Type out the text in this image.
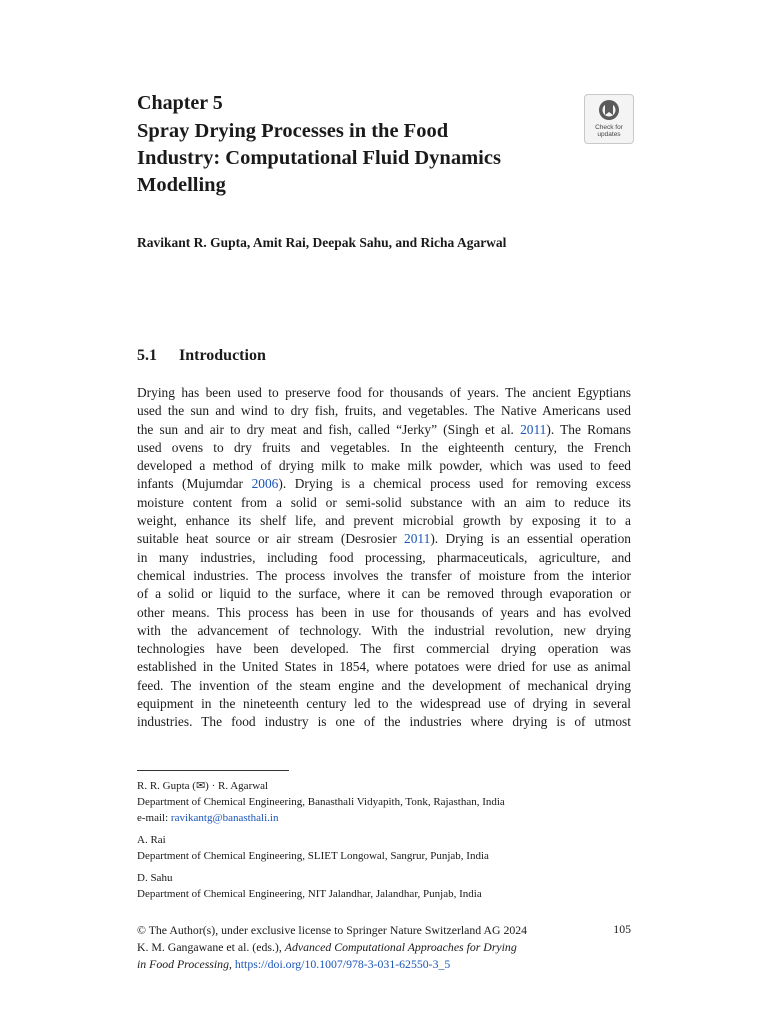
Chapter 5
Spray Drying Processes in the Food
Industry: Computational Fluid Dynamics
Modelling
Check for
updates
Ravikant R. Gupta, Amit Rai, Deepak Sahu, and Richa Agarwal
5.1 Introduction
Drying has been used to preserve food for thousands of years. The ancient Egyptians
used the sun and wind to dry fish, fruits, and vegetables. The Native Americans used
the sun and air to dry meat and fish, called “Jerky” (Singh et al. 2011). The Romans
used ovens to dry fruits and vegetables. In the eighteenth century, the French
developed a method of drying milk to make milk powder, which was used to feed
infants (Mujumdar 2006). Drying is a chemical process used for removing excess
moisture content from a solid or semi-solid substance with an aim to reduce its
weight, enhance its shelf life, and prevent microbial growth by exposing it to a
suitable heat source or air stream (Desrosier 2011). Drying is an essential operation
in many industries, including food processing, pharmaceuticals, agriculture, and
chemical industries. The process involves the transfer of moisture from the interior
of a solid or liquid to the surface, where it can be removed through evaporation or
other means. This process has been in use for thousands of years and has evolved
with the advancement of technology. With the industrial revolution, new drying
technologies have been developed. The first commercial drying operation was
established in the United States in 1854, where potatoes were dried for use as animal
feed. The invention of the steam engine and the development of mechanical drying
equipment in the nineteenth century led to the widespread use of drying in several
industries. The food industry is one of the industries where drying is of utmost
R. R. Gupta (✉) · R. Agarwal
Department of Chemical Engineering, Banasthali Vidyapith, Tonk, Rajasthan, India
e-mail: ravikantg@banasthali.in
A. Rai
Department of Chemical Engineering, SLIET Longowal, Sangrur, Punjab, India
D. Sahu
Department of Chemical Engineering, NIT Jalandhar, Jalandhar, Punjab, India
© The Author(s), under exclusive license to Springer Nature Switzerland AG 2024
K. M. Gangawane et al. (eds.), Advanced Computational Approaches for Drying
in Food Processing, https://doi.org/10.1007/978-3-031-62550-3_5
105
